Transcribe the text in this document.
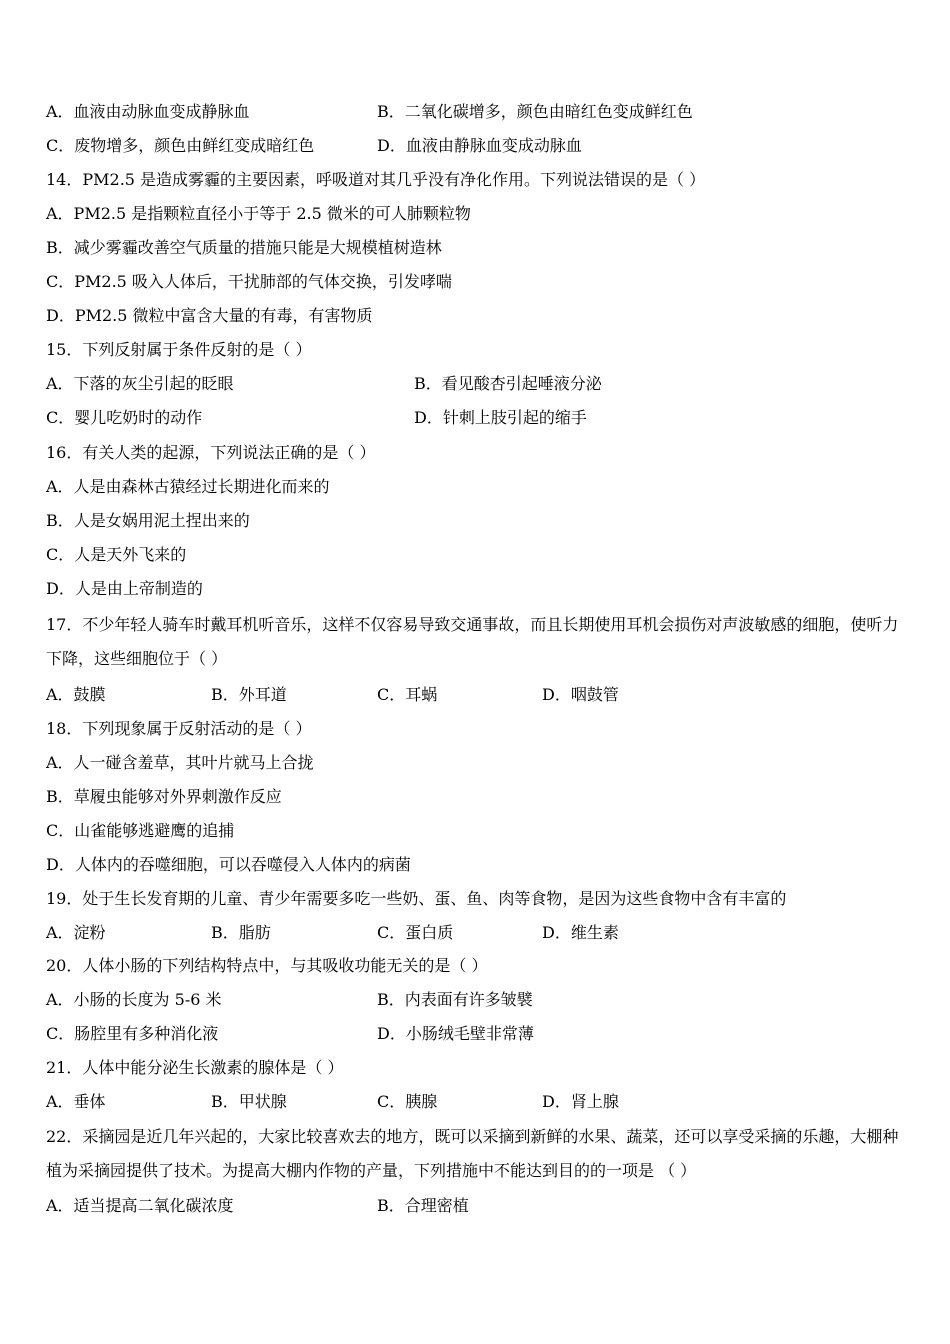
A．血液由动脉血变成静脉血	B．二氧化碳增多，颜色由暗红色变成鲜红色
C．废物增多，颜色由鲜红变成暗红色	D．血液由静脉血变成动脉血
14．PM2.5 是造成雾霾的主要因素，呼吸道对其几乎没有净化作用。下列说法错误的是（ ）
A．PM2.5 是指颗粒直径小于等于 2.5 微米的可人肺颗粒物
B．减少雾霾改善空气质量的措施只能是大规模植树造林
C．PM2.5 吸入人体后，干扰肺部的气体交换，引发哮喘
D．PM2.5 微粒中富含大量的有毒，有害物质
15．下列反射属于条件反射的是（ ）
A．下落的灰尘引起的眨眼	B．看见酸杏引起唾液分泌
C．婴儿吃奶时的动作	D．针刺上肢引起的缩手
16．有关人类的起源，下列说法正确的是（ ）
A．人是由森林古猿经过长期进化而来的
B．人是女娲用泥土捏出来的
C．人是天外飞来的
D．人是由上帝制造的
17．不少年轻人骑车时戴耳机听音乐，这样不仅容易导致交通事故，而且长期使用耳机会损伤对声波敏感的细胞，使听力下降，这些细胞位于（ ）
A．鼓膜	B．外耳道	C．耳蜗	D．咽鼓管
18．下列现象属于反射活动的是（ ）
A．人一碰含羞草，其叶片就马上合拢
B．草履虫能够对外界刺激作反应
C．山雀能够逃避鹰的追捕
D．人体内的吞噬细胞，可以吞噬侵入人体内的病菌
19．处于生长发育期的儿童、青少年需要多吃一些奶、蛋、鱼、肉等食物，是因为这些食物中含有丰富的
A．淀粉	B．脂肪	C．蛋白质	D．维生素
20．人体小肠的下列结构特点中，与其吸收功能无关的是（ ）
A．小肠的长度为 5-6 米	B．内表面有许多皱襞
C．肠腔里有多种消化液	D．小肠绒毛壁非常薄
21．人体中能分泌生长激素的腺体是（ ）
A．垂体	B．甲状腺	C．胰腺	D．肾上腺
22．采摘园是近几年兴起的，大家比较喜欢去的地方，既可以采摘到新鲜的水果、蔬菜，还可以享受采摘的乐趣，大棚种植为采摘园提供了技术。为提高大棚内作物的产量，下列措施中不能达到目的的一项是 （ ）
A．适当提高二氧化碳浓度	B．合理密植
